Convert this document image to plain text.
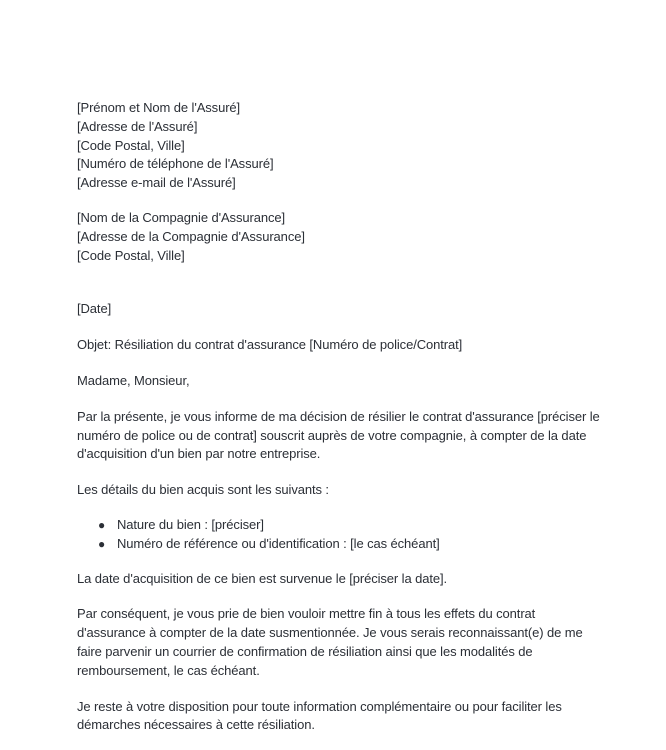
[Prénom et Nom de l'Assuré]
[Adresse de l'Assuré]
[Code Postal, Ville]
[Numéro de téléphone de l'Assuré]
[Adresse e-mail de l'Assuré]
[Nom de la Compagnie d'Assurance]
[Adresse de la Compagnie d'Assurance]
[Code Postal, Ville]

[Date]

Objet: Résiliation du contrat d'assurance [Numéro de police/Contrat]

Madame, Monsieur,

Par la présente, je vous informe de ma décision de résilier le contrat d'assurance [préciser le numéro de police ou de contrat] souscrit auprès de votre compagnie, à compter de la date d'acquisition d'un bien par notre entreprise.

Les détails du bien acquis sont les suivants :

● Nature du bien : [préciser]
● Numéro de référence ou d'identification : [le cas échéant]

La date d'acquisition de ce bien est survenue le [préciser la date].

Par conséquent, je vous prie de bien vouloir mettre fin à tous les effets du contrat d'assurance à compter de la date susmentionnée. Je vous serais reconnaissant(e) de me faire parvenir un courrier de confirmation de résiliation ainsi que les modalités de remboursement, le cas échéant.

Je reste à votre disposition pour toute information complémentaire ou pour faciliter les démarches nécessaires à cette résiliation.
